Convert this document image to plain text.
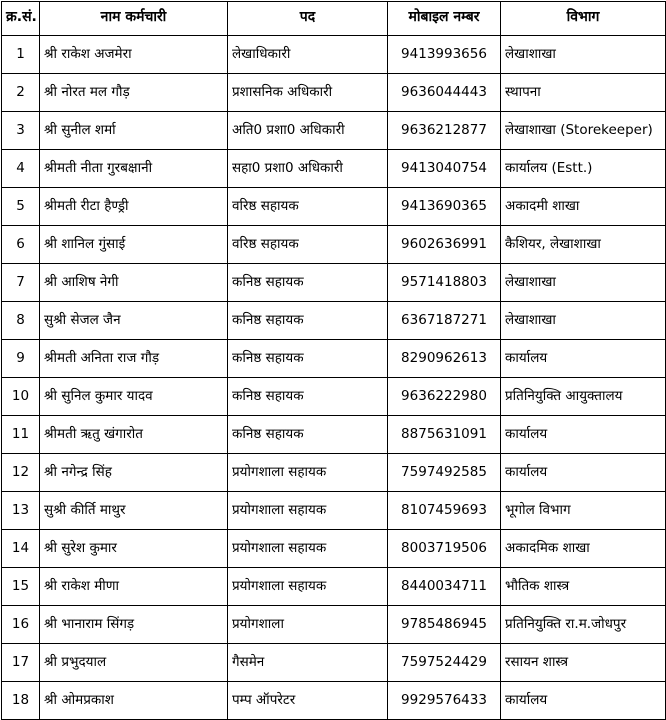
क्र.सं.	नाम कर्मचारी	पद	मोबाइल नम्बर	विभाग
1	श्री राकेश अजमेरा	लेखाधिकारी	9413993656	लेखाशाखा
2	श्री नोरत मल गौड़	प्रशासनिक अधिकारी	9636044443	स्थापना
3	श्री सुनील शर्मा	अति0 प्रशा0 अधिकारी	9636212877	लेखाशाखा (Storekeeper)
4	श्रीमती नीता गुरबक्षानी	सहा0 प्रशा0 अधिकारी	9413040754	कार्यालय (Estt.)
5	श्रीमती रीटा हैण्ड्री	वरिष्ठ सहायक	9413690365	अकादमी शाखा
6	श्री शानिल गुंसाई	वरिष्ठ सहायक	9602636991	कैशियर, लेखाशाखा
7	श्री आशिष नेगी	कनिष्ठ सहायक	9571418803	लेखाशाखा
8	सुश्री सेजल जैन	कनिष्ठ सहायक	6367187271	लेखाशाखा
9	श्रीमती अनिता राज गौड़	कनिष्ठ सहायक	8290962613	कार्यालय
10	श्री सुनिल कुमार यादव	कनिष्ठ सहायक	9636222980	प्रतिनियुक्ति आयुक्तालय
11	श्रीमती ऋतु खंगारोत	कनिष्ठ सहायक	8875631091	कार्यालय
12	श्री नगेन्द्र सिंह	प्रयोगशाला सहायक	7597492585	कार्यालय
13	सुश्री कीर्ति माथुर	प्रयोगशाला सहायक	8107459693	भूगोल विभाग
14	श्री सुरेश कुमार	प्रयोगशाला सहायक	8003719506	अकादमिक शाखा
15	श्री राकेश मीणा	प्रयोगशाला सहायक	8440034711	भौतिक शास्त्र
16	श्री भानाराम सिंगड़	प्रयोगशाला	9785486945	प्रतिनियुक्ति रा.म.जोधपुर
17	श्री प्रभुदयाल	गैसमेन	7597524429	रसायन शास्त्र
18	श्री ओमप्रकाश	पम्प ऑपरेटर	9929576433	कार्यालय
